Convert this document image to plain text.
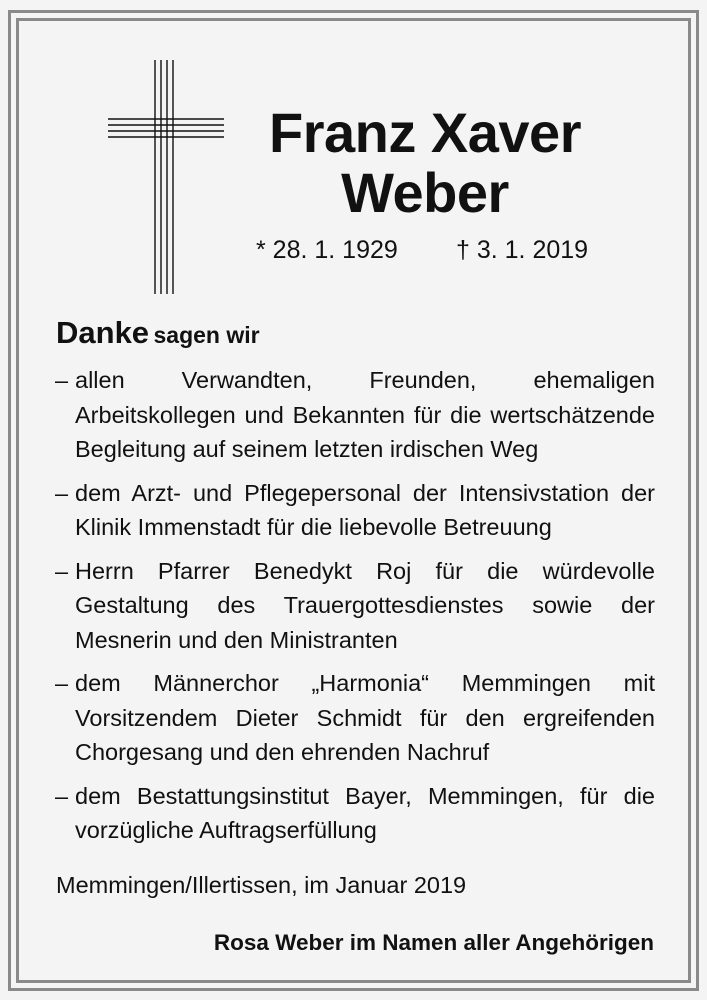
Franz Xaver
Weber
* 28. 1. 1929 † 3. 1. 2019
Danke sagen wir
– allen Verwandten, Freunden, ehemaligen Arbeitskollegen und Bekannten für die wertschätzende Begleitung auf seinem letzten irdischen Weg
– dem Arzt- und Pflegepersonal der Intensivstation der Klinik Immenstadt für die liebevolle Betreuung
– Herrn Pfarrer Benedykt Roj für die würdevolle Gestaltung des Trauergottesdienstes sowie der Mesnerin und den Ministranten
– dem Männerchor „Harmonia“ Memmingen mit Vorsitzendem Dieter Schmidt für den ergreifenden Chorgesang und den ehrenden Nachruf
– dem Bestattungsinstitut Bayer, Memmingen, für die vorzügliche Auftragserfüllung
Memmingen/Illertissen, im Januar 2019
Rosa Weber im Namen aller Angehörigen
